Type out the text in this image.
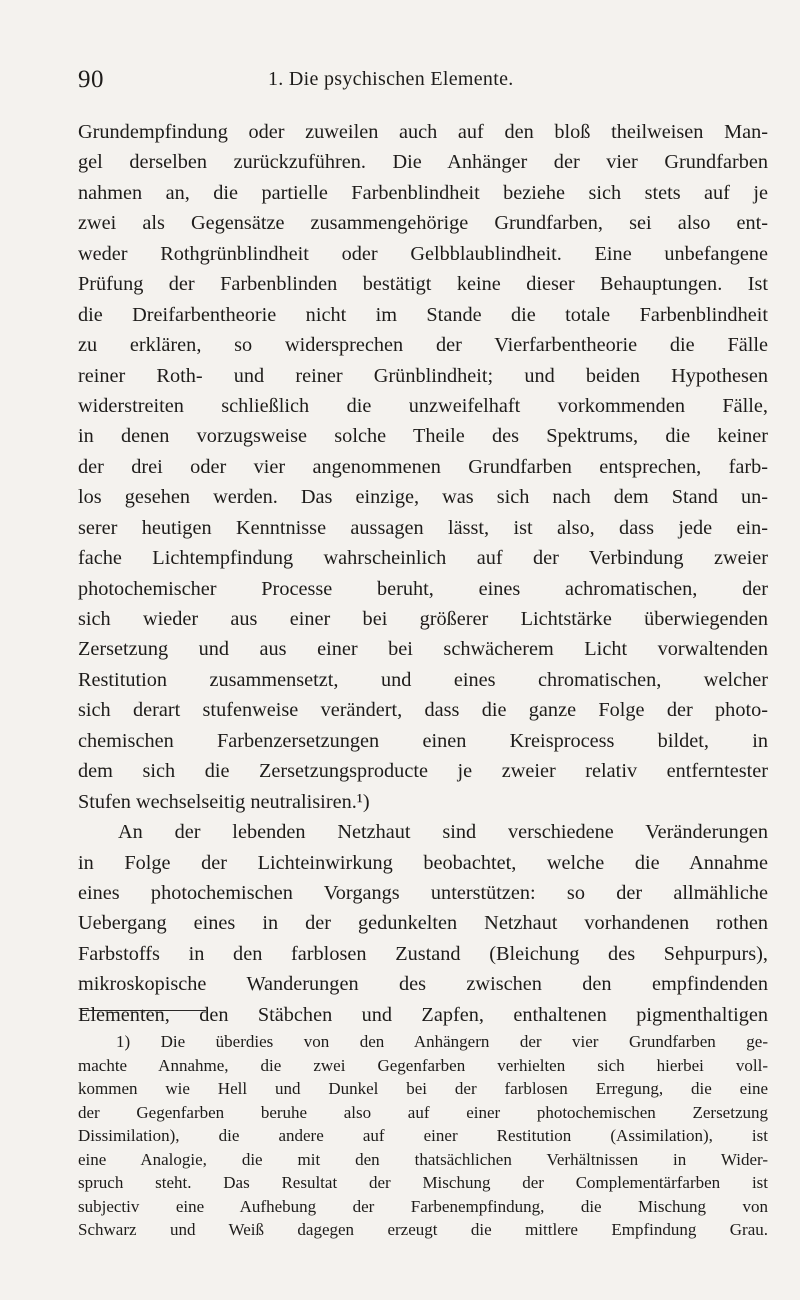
90	1. Die psychischen Elemente.
Grundempfindung oder zuweilen auch auf den bloß theilweisen Man-
gel derselben zurückzuführen. Die Anhänger der vier Grundfarben
nahmen an, die partielle Farbenblindheit beziehe sich stets auf je
zwei als Gegensätze zusammengehörige Grundfarben, sei also ent-
weder Rothgrünblindheit oder Gelbblaublindheit. Eine unbefangene
Prüfung der Farbenblinden bestätigt keine dieser Behauptungen. Ist
die Dreifarbentheorie nicht im Stande die totale Farbenblindheit
zu erklären, so widersprechen der Vierfarbentheorie die Fälle
reiner Roth- und reiner Grünblindheit; und beiden Hypothesen
widerstreiten schließlich die unzweifelhaft vorkommenden Fälle,
in denen vorzugsweise solche Theile des Spektrums, die keiner
der drei oder vier angenommenen Grundfarben entsprechen, farb-
los gesehen werden. Das einzige, was sich nach dem Stand un-
serer heutigen Kenntnisse aussagen lässt, ist also, dass jede ein-
fache Lichtempfindung wahrscheinlich auf der Verbindung zweier
photochemischer Processe beruht, eines achromatischen, der
sich wieder aus einer bei größerer Lichtstärke überwiegenden
Zersetzung und aus einer bei schwächerem Licht vorwaltenden
Restitution zusammensetzt, und eines chromatischen, welcher
sich derart stufenweise verändert, dass die ganze Folge der photo-
chemischen Farbenzersetzungen einen Kreisprocess bildet, in
dem sich die Zersetzungsproducte je zweier relativ entferntester
Stufen wechselseitig neutralisiren.¹)
An der lebenden Netzhaut sind verschiedene Veränderungen
in Folge der Lichteinwirkung beobachtet, welche die Annahme
eines photochemischen Vorgangs unterstützen: so der allmähliche
Uebergang eines in der gedunkelten Netzhaut vorhandenen rothen
Farbstoffs in den farblosen Zustand (Bleichung des Sehpurpurs),
mikroskopische Wanderungen des zwischen den empfindenden
Elementen, den Stäbchen und Zapfen, enthaltenen pigmenthaltigen
1) Die überdies von den Anhängern der vier Grundfarben ge-
machte Annahme, die zwei Gegenfarben verhielten sich hierbei voll-
kommen wie Hell und Dunkel bei der farblosen Erregung, die eine
der Gegenfarben beruhe also auf einer photochemischen Zersetzung
Dissimilation), die andere auf einer Restitution (Assimilation), ist
eine Analogie, die mit den thatsächlichen Verhältnissen in Wider-
spruch steht. Das Resultat der Mischung der Complementärfarben ist
subjectiv eine Aufhebung der Farbenempfindung, die Mischung von
Schwarz und Weiß dagegen erzeugt die mittlere Empfindung Grau.
